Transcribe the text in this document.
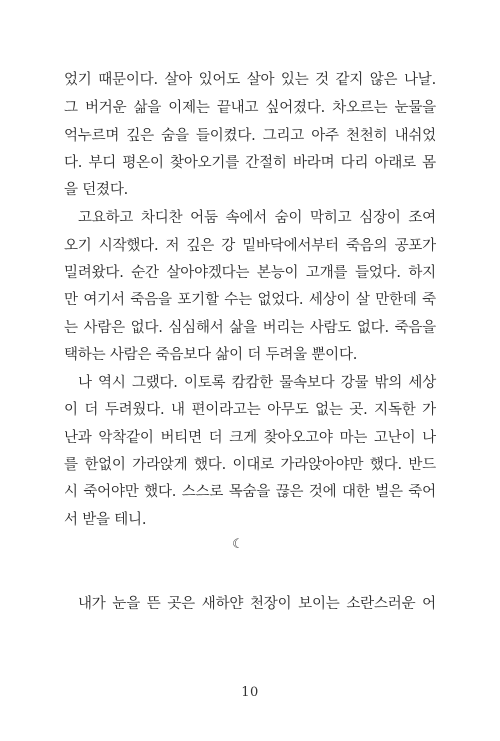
었기 때문이다. 살아 있어도 살아 있는 것 같지 않은 나날.
그 버거운 삶을 이제는 끝내고 싶어졌다. 차오르는 눈물을
억누르며 깊은 숨을 들이켰다. 그리고 아주 천천히 내쉬었
다. 부디 평온이 찾아오기를 간절히 바라며 다리 아래로 몸
을 던졌다.
고요하고 차디찬 어둠 속에서 숨이 막히고 심장이 조여
오기 시작했다. 저 깊은 강 밑바닥에서부터 죽음의 공포가
밀려왔다. 순간 살아야겠다는 본능이 고개를 들었다. 하지
만 여기서 죽음을 포기할 수는 없었다. 세상이 살 만한데 죽
는 사람은 없다. 심심해서 삶을 버리는 사람도 없다. 죽음을
택하는 사람은 죽음보다 삶이 더 두려울 뿐이다.
나 역시 그랬다. 이토록 캄캄한 물속보다 강물 밖의 세상
이 더 두려웠다. 내 편이라고는 아무도 없는 곳. 지독한 가
난과 악착같이 버티면 더 크게 찾아오고야 마는 고난이 나
를 한없이 가라앉게 했다. 이대로 가라앉아야만 했다. 반드
시 죽어야만 했다. 스스로 목숨을 끊은 것에 대한 벌은 죽어
서 받을 테니.
☾
내가 눈을 뜬 곳은 새하얀 천장이 보이는 소란스러운 어
10
